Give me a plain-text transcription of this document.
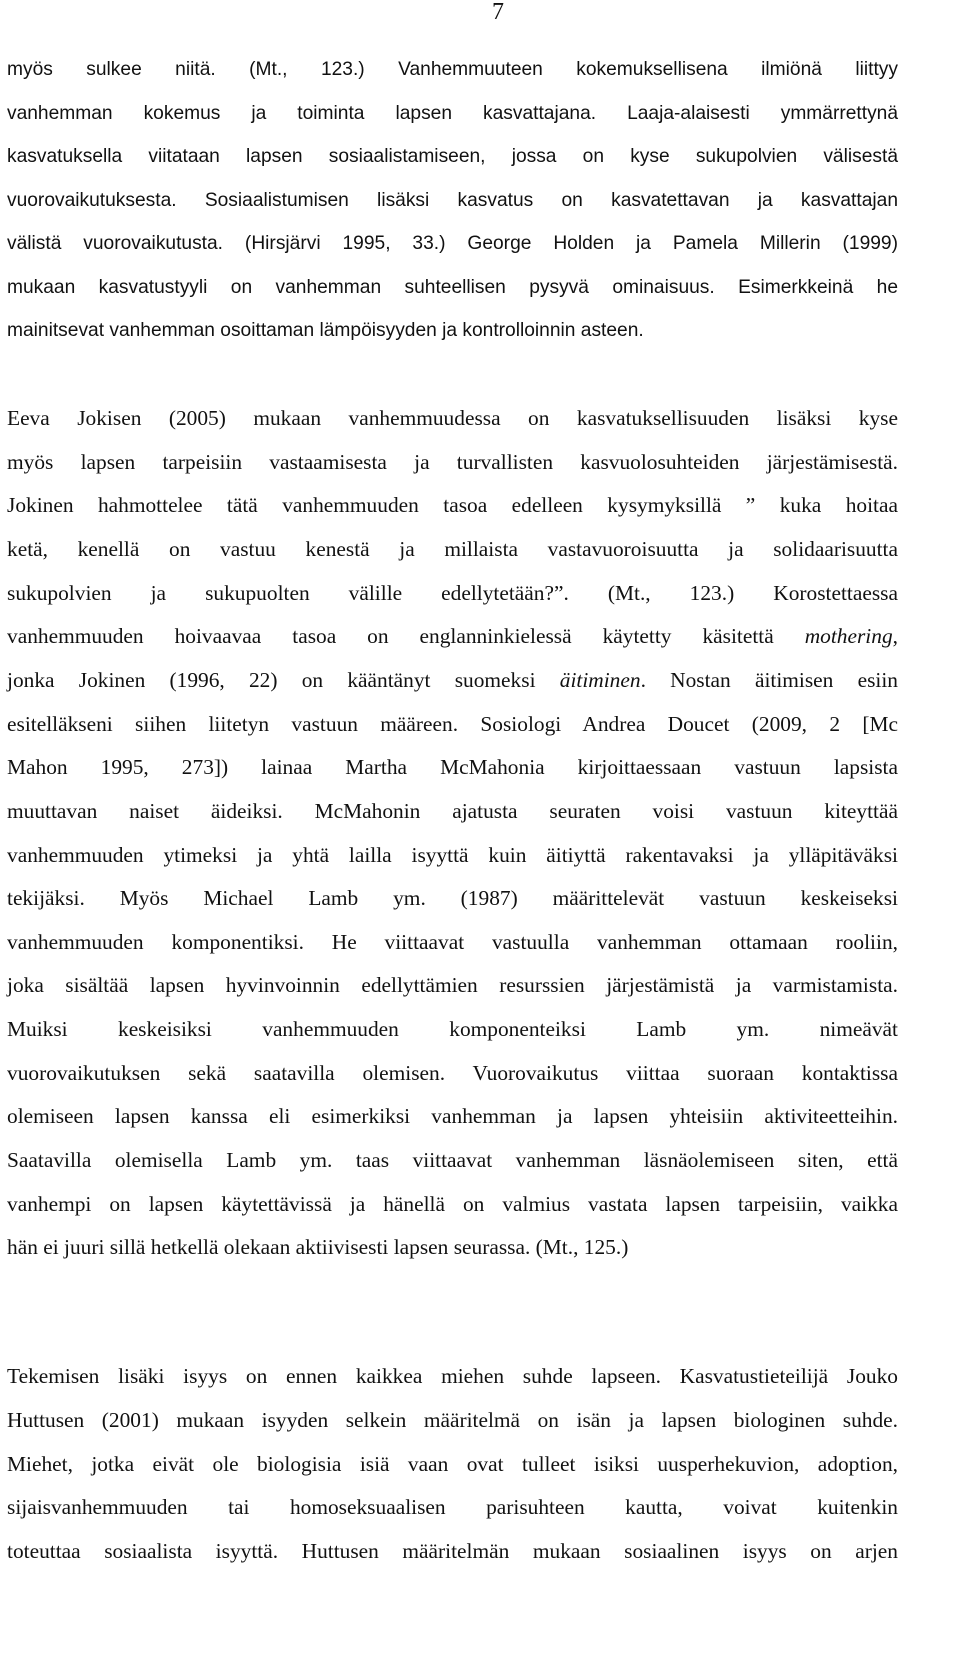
7
myös sulkee niitä. (Mt., 123.) Vanhemmuuteen kokemuksellisena ilmiönä liittyy
vanhemman kokemus ja toiminta lapsen kasvattajana. Laaja-alaisesti ymmärrettynä
kasvatuksella viitataan lapsen sosiaalistamiseen, jossa on kyse sukupolvien välisestä
vuorovaikutuksesta. Sosiaalistumisen lisäksi kasvatus on kasvatettavan ja kasvattajan
välistä vuorovaikutusta. (Hirsjärvi 1995, 33.) George Holden ja Pamela Millerin (1999)
mukaan kasvatustyyli on vanhemman suhteellisen pysyvä ominaisuus. Esimerkkeinä he
mainitsevat vanhemman osoittaman lämpöisyyden ja kontrolloinnin asteen.
Eeva Jokisen (2005) mukaan vanhemmuudessa on kasvatuksellisuuden lisäksi kyse
myös lapsen tarpeisiin vastaamisesta ja turvallisten kasvuolosuhteiden järjestämisestä.
Jokinen hahmottelee tätä vanhemmuuden tasoa edelleen kysymyksillä ” kuka hoitaa
ketä, kenellä on vastuu kenestä ja millaista vastavuoroisuutta ja solidaarisuutta
sukupolvien ja sukupuolten välille edellytetään?”. (Mt., 123.) Korostettaessa
vanhemmuuden hoivaavaa tasoa on englanninkielessä käytetty käsitettä mothering,
jonka Jokinen (1996, 22) on kääntänyt suomeksi äitiminen. Nostan äitimisen esiin
esitelläkseni siihen liitetyn vastuun määreen. Sosiologi Andrea Doucet (2009, 2 [Mc
Mahon 1995, 273]) lainaa Martha McMahonia kirjoittaessaan vastuun lapsista
muuttavan naiset äideiksi. McMahonin ajatusta seuraten voisi vastuun kiteyttää
vanhemmuuden ytimeksi ja yhtä lailla isyyttä kuin äitiyttä rakentavaksi ja ylläpitäväksi
tekijäksi. Myös Michael Lamb ym. (1987) määrittelevät vastuun keskeiseksi
vanhemmuuden komponentiksi. He viittaavat vastuulla vanhemman ottamaan rooliin,
joka sisältää lapsen hyvinvoinnin edellyttämien resurssien järjestämistä ja varmistamista.
Muiksi keskeisiksi vanhemmuuden komponenteiksi Lamb ym. nimeävät
vuorovaikutuksen sekä saatavilla olemisen. Vuorovaikutus viittaa suoraan kontaktissa
olemiseen lapsen kanssa eli esimerkiksi vanhemman ja lapsen yhteisiin aktiviteetteihin.
Saatavilla olemisella Lamb ym. taas viittaavat vanhemman läsnäolemiseen siten, että
vanhempi on lapsen käytettävissä ja hänellä on valmius vastata lapsen tarpeisiin, vaikka
hän ei juuri sillä hetkellä olekaan aktiivisesti lapsen seurassa. (Mt., 125.)
Tekemisen lisäki isyys on ennen kaikkea miehen suhde lapseen. Kasvatustieteilijä Jouko
Huttusen (2001) mukaan isyyden selkein määritelmä on isän ja lapsen biologinen suhde.
Miehet, jotka eivät ole biologisia isiä vaan ovat tulleet isiksi uusperhekuvion, adoption,
sijaisvanhemmuuden tai homoseksuaalisen parisuhteen kautta, voivat kuitenkin
toteuttaa sosiaalista isyyttä. Huttusen määritelmän mukaan sosiaalinen isyys on arjen
